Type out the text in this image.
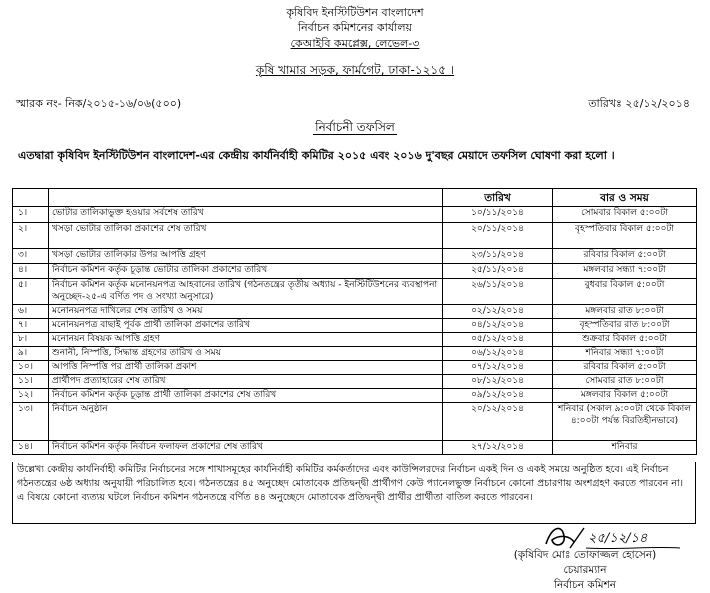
কৃষিবিদ ইনস্টিটিউশন বাংলাদেশ
নির্বাচন কমিশনের কার্যালয়
কেআইবি কমপ্লেক্স, লেভেল-৩
কৃষি খামার সড়ক, ফার্মগেট, ঢাকা-১২১৫ ।
স্মারক নং- নিক/২০১৫-১৬/০৬(৫০০)	তারিখঃ ২৫/১২/২০১৪
নির্বাচনী তফসিল
এতদ্বারা কৃষিবিদ ইনস্টিটিউশন বাংলাদেশ-এর কেন্দ্রীয় কার্যনির্বাহী কমিটির ২০১৫ এবং ২০১৬ দু'বছর মেয়াদে তফসিল ঘোষণা করা হলো ।
		তারিখ	বার ও সময়
১।	ভোটার তালিকাভুক্ত হওয়ার সর্বশেষ তারিখ	১০/১১/২০১৪	সোমবার বিকাল ৫:০০টা
২।	খসড়া ভোটার তালিকা প্রকাশের শেষ তারিখ	২০/১১/২০১৪	বৃহস্পতিবার বিকাল ৫:০০টা
৩।	খসড়া ভোটার তালিকার উপর আপত্তি গ্রহণ	২৩/১১/২০১৪	রবিবার বিকাল ৫:০০টা
৪।	নির্বাচন কমিশন কর্তৃক চূড়ান্ত ভোটার তালিকা প্রকাশের তারিখ	২৫/১১/২০১৪	মঙ্গলবার সন্ধ্যা ৭:০০টা
৫।	নির্বাচন কমিশন কর্তৃক মনোনয়নপত্র আহবানের তারিখ (গঠনতন্ত্রের তৃতীয় অধ্যায় - ইনস্টিটিউশনের ব্যবস্থাপনা অনুচ্ছেদ-২৫-এ বর্ণিত পদ ও সংখ্যা অনুসারে)	২৬/১১/২০১৪	বুধবার বিকাল ৫:০০টা
৬।	মনোনয়নপত্র দাখিলের শেষ তারিখ ও সময়	০২/১২/২০১৪	মঙ্গলবার রাত ৮:০০টা
৭।	মনোনয়নপত্র বাছাই পূর্বক প্রার্থী তালিকা প্রকাশের তারিখ	০৪/১২/২০১৪	বৃহস্পতিবার রাত ৮:০০টা
৮।	মনোনয়ন বিষয়ক আপত্তি গ্রহণ	০৫/১২/২০১৪	শুক্রবার বিকাল ৫:০০টা
৯।	শুনানী, নিস্পত্তি, সিদ্ধান্ত গ্রহণের তারিখ ও সময়	০৬/১২/২০১৪	শনিবার সন্ধ্যা ৭:০০টা
১০।	আপত্তি নিস্পত্তি পর প্রার্থী তালিকা প্রকাশ	০৭/১২/২০১৪	রবিবার বিকাল ৫:০০টা
১১।	প্রার্থীপদ প্রত্যাহারের শেষ তারিখ	০৮/১২/২০১৪	সোমবার রাত ৮:০০টা
১২।	নির্বাচন কমিশন কর্তৃক চূড়ান্ত প্রার্থী তালিকা প্রকাশের শেষ তারিখ	০৯/১২/২০১৪	মঙ্গলবার বিকাল ৫:০০টা
১৩।	নির্বাচন অনুষ্ঠান	২০/১২/২০১৪	শনিবার (সকাল ৯:০০টা থেকে বিকাল ৪:০০টা পর্যন্ত বিরতিহীনভাবে)
১৪।	নির্বাচন কমিশন কর্তৃক নির্বাচন ফলাফল প্রকাশের শেষ তারিখ	২৭/১২/২০১৪	শনিবার
উল্লেখ্য কেন্দ্রীয় কার্যনির্বাহী কমিটির নির্বাচনের সঙ্গে শাখাসমূহের কার্যনির্বাহী কমিটির কর্মকর্তাদের এবং কাউন্সিলরদের নির্বাচন একই দিন ও একই সময়ে অনুষ্ঠিত হবে। এই নির্বাচন গঠনতন্ত্রের ৬ষ্ঠ অধ্যায় অনুযায়ী পরিচালিত হবে। গঠনতন্ত্রের ৪৫ অনুচ্ছেদ মোতাবেক প্রতিদ্বন্দ্বী প্রার্থীগণ কেউ প্যানেলভুক্ত নির্বাচনে কোনো প্রচারণায় অংশগ্রহণ করতে পারবেন না। এ বিষয়ে কোনো ব্যত্যয় ঘটলে নির্বাচন কমিশন গঠনতন্ত্রে বর্ণিত ৪৪ অনুচ্ছেদে মোতাবেক প্রতিদ্বন্দ্বী প্রার্থীর প্রার্থীতা বাতিল করতে পারবেন।
২৫/১২/১৪
(কৃষিবিদ মোঃ তোফাজ্জল হোসেন)
চেয়ারম্যান
নির্বাচন কমিশন
